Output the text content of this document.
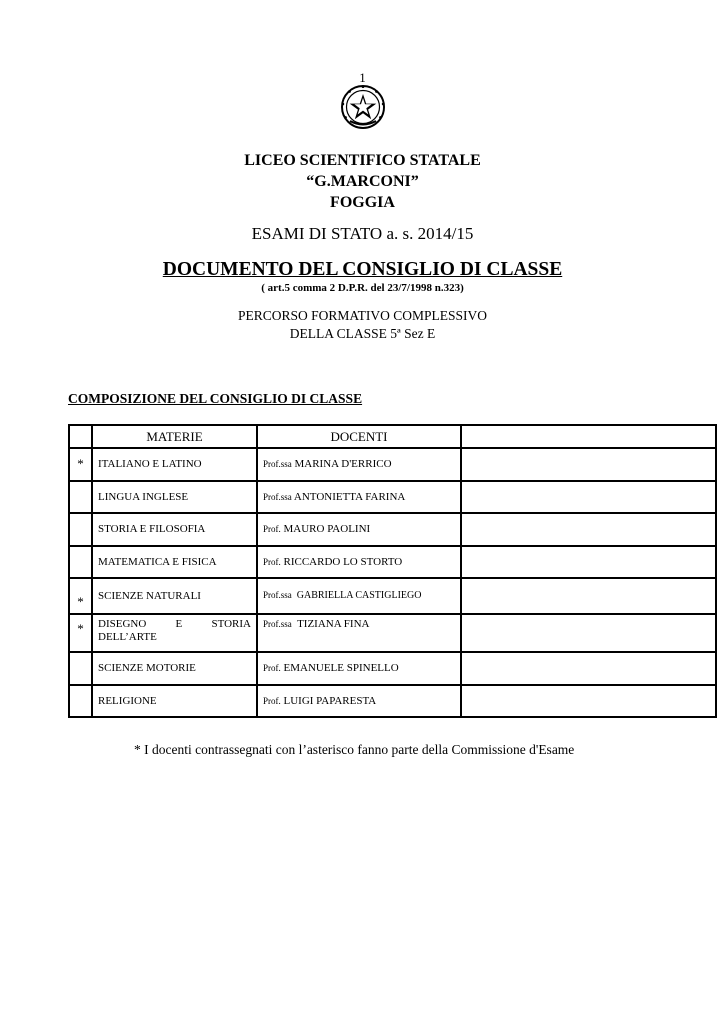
1
LICEO SCIENTIFICO STATALE
“G.MARCONI”
FOGGIA
ESAMI DI STATO a. s. 2014/15
DOCUMENTO DEL CONSIGLIO DI CLASSE
( art.5 comma 2 D.P.R. del 23/7/1998 n.323)
PERCORSO FORMATIVO COMPLESSIVO
DELLA CLASSE 5ª Sez E
COMPOSIZIONE DEL CONSIGLIO DI CLASSE
	MATERIE	DOCENTI	
*	ITALIANO E LATINO	Prof.ssa MARINA D'ERRICO	
	LINGUA INGLESE	Prof.ssa ANTONIETTA FARINA	
	STORIA E FILOSOFIA	Prof. MAURO PAOLINI	
	MATEMATICA E FISICA	Prof. RICCARDO LO STORTO	
*	SCIENZE NATURALI	Prof.ssa GABRIELLA CASTIGLIEGO	
*	DISEGNO E STORIA DELL’ARTE	Prof.ssa TIZIANA FINA	
	SCIENZE MOTORIE	Prof. EMANUELE SPINELLO	
	RELIGIONE	Prof. LUIGI PAPARESTA	
* I docenti contrassegnati con l’asterisco fanno parte della Commissione d'Esame
